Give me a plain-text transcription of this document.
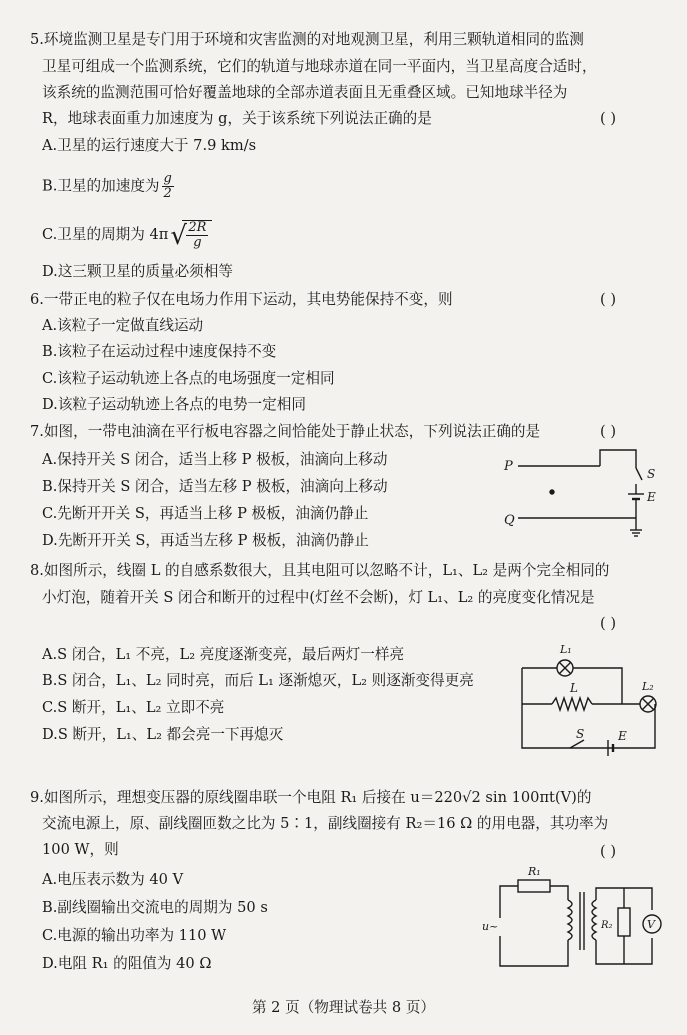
5.环境监测卫星是专门用于环境和灾害监测的对地观测卫星，利用三颗轨道相同的监测
卫星可组成一个监测系统，它们的轨道与地球赤道在同一平面内，当卫星高度合适时，
该系统的监测范围可恰好覆盖地球的全部赤道表面且无重叠区域。已知地球半径为
R，地球表面重力加速度为 g，关于该系统下列说法正确的是	( )
A.卫星的运行速度大于 7.9 km/s
B.卫星的加速度为 $\frac{g}{2}$
C.卫星的周期为 4π √ $\frac{2R}{g}$
D.这三颗卫星的质量必须相等
6.一带正电的粒子仅在电场力作用下运动，其电势能保持不变，则	( )
A.该粒子一定做直线运动
B.该粒子在运动过程中速度保持不变
C.该粒子运动轨迹上各点的电场强度一定相同
D.该粒子运动轨迹上各点的电势一定相同
7.如图，一带电油滴在平行板电容器之间恰能处于静止状态，下列说法正确的是	( )
A.保持开关 S 闭合，适当上移 P 极板，油滴向上移动
B.保持开关 S 闭合，适当左移 P 极板，油滴向上移动
C.先断开开关 S，再适当上移 P 极板，油滴仍静止
D.先断开开关 S，再适当左移 P 极板，油滴仍静止
P
Q
S
E
8.如图所示，线圈 L 的自感系数很大，且其电阻可以忽略不计，L₁、L₂ 是两个完全相同的
小灯泡，随着开关 S 闭合和断开的过程中(灯丝不会断)，灯 L₁、L₂ 的亮度变化情况是
( )
A.S 闭合，L₁ 不亮，L₂ 亮度逐渐变亮，最后两灯一样亮
B.S 闭合，L₁、L₂ 同时亮，而后 L₁ 逐渐熄灭，L₂ 则逐渐变得更亮
C.S 断开，L₁、L₂ 立即不亮
D.S 断开，L₁、L₂ 都会亮一下再熄灭
L₁
L	L₂
S	E
9.如图所示，理想变压器的原线圈串联一个电阻 R₁ 后接在 u＝220√2 sin 100πt(V)的
交流电源上，原、副线圈匝数之比为 5∶1，副线圈接有 R₂＝16 Ω 的用电器，其功率为
100 W，则	( )
A.电压表示数为 40 V
B.副线圈输出交流电的周期为 50 s
C.电源的输出功率为 110 W
D.电阻 R₁ 的阻值为 40 Ω
R₁
u~	R₂	V
第 2 页（物理试卷共 8 页）
